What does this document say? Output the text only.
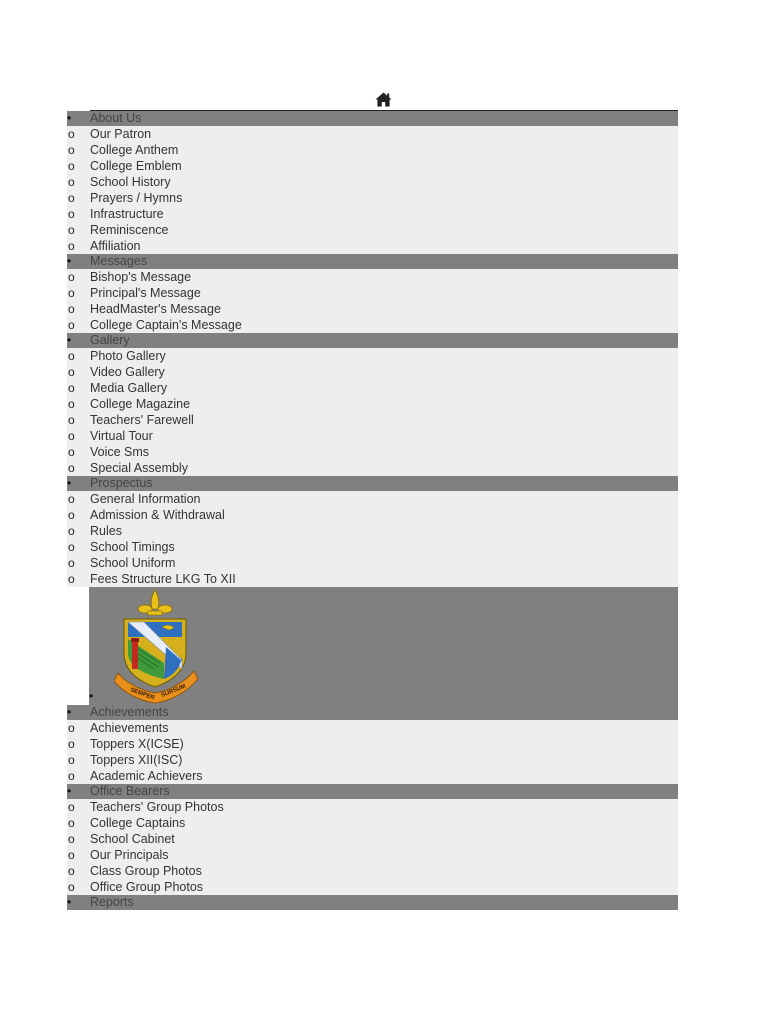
•	About Us
o Our Patron
o College Anthem
o College Emblem
o School History
o Prayers / Hymns
o Infrastructure
o Reminiscence
o Affiliation
•	Messages
o Bishop's Message
o Principal's Message
o HeadMaster's Message
o College Captain's Message
•	Gallery
o Photo Gallery
o Video Gallery
o Media Gallery
o College Magazine
o Teachers' Farewell
o Virtual Tour
o Voice Sms
o Special Assembly
•	Prospectus
o General Information
o Admission & Withdrawal
o Rules
o School Timings
o School Uniform
o Fees Structure LKG To XII
SEMPER SURSUM
•
•	Achievements
o Achievements
o Toppers X(ICSE)
o Toppers XII(ISC)
o Academic Achievers
•	Office Bearers
o Teachers' Group Photos
o College Captains
o School Cabinet
o Our Principals
o Class Group Photos
o Office Group Photos
•	Reports
